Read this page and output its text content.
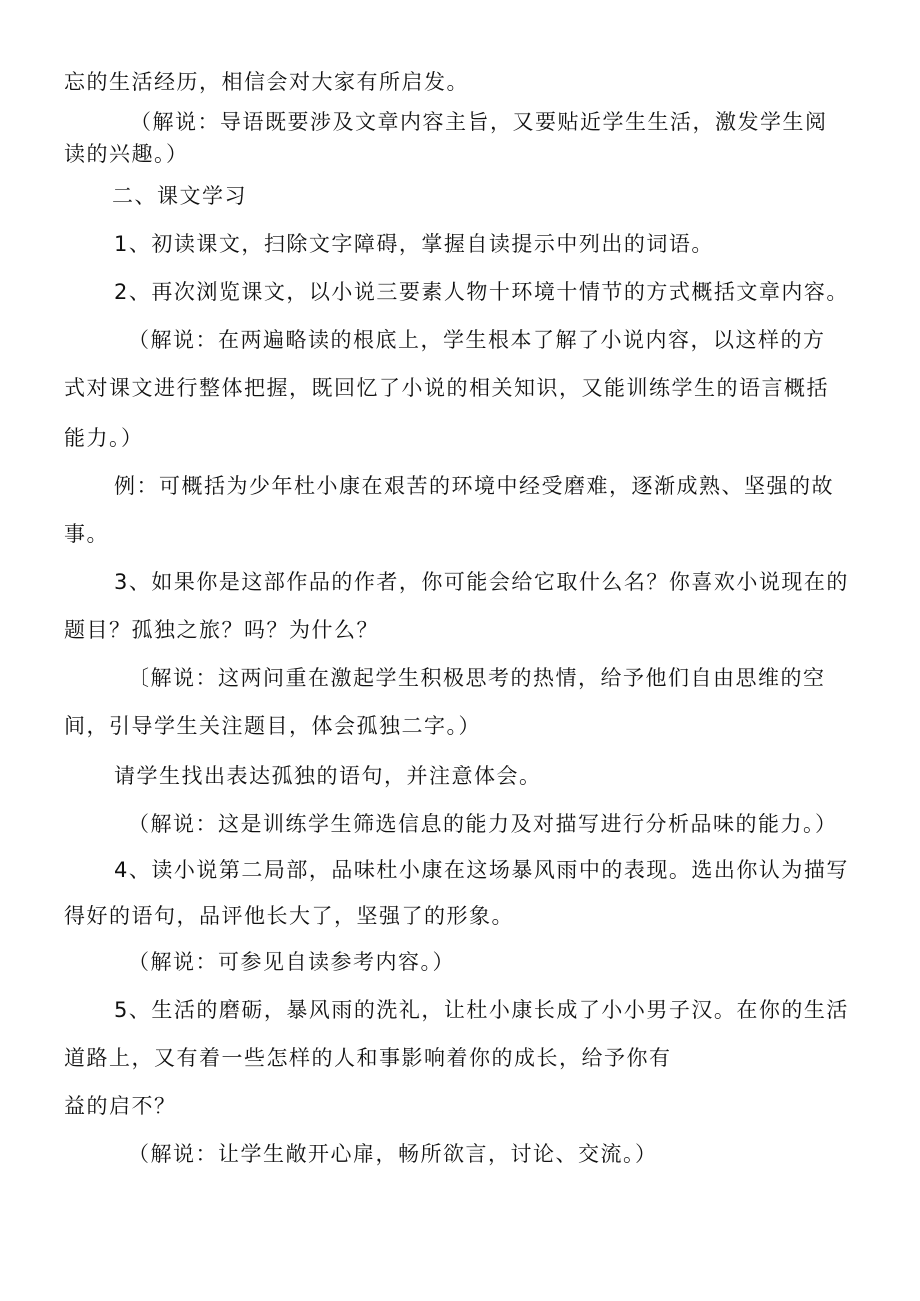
忘的生活经历，相信会对大家有所启发。
（解说：导语既要涉及文章内容主旨，又要贴近学生生活，激发学生阅
读的兴趣。）
二、课文学习
1、初读课文，扫除文字障碍，掌握自读提示中列出的词语。
2、再次浏览课文，以小说三要素人物十环境十情节的方式概括文章内容。
（解说：在两遍略读的根底上，学生根本了解了小说内容，以这样的方
式对课文进行整体把握，既回忆了小说的相关知识，又能训练学生的语言概括
能力。）
例：可概括为少年杜小康在艰苦的环境中经受磨难，逐渐成熟、坚强的故
事。
3、如果你是这部作品的作者，你可能会给它取什么名？你喜欢小说现在的
题目？孤独之旅？吗？为什么？
〔解说：这两问重在激起学生积极思考的热情，给予他们自由思维的空
间，引导学生关注题目，体会孤独二字。）
请学生找出表达孤独的语句，并注意体会。
（解说：这是训练学生筛选信息的能力及对描写进行分析品味的能力。）
4、读小说第二局部，品味杜小康在这场暴风雨中的表现。选出你认为描写
得好的语句，品评他长大了，坚强了的形象。
（解说：可参见自读参考内容。）
5、生活的磨砺，暴风雨的洗礼，让杜小康长成了小小男子汉。在你的生活
道路上，又有着一些怎样的人和事影响着你的成长，给予你有
益的启不？
（解说：让学生敞开心扉，畅所欲言，讨论、交流。）
